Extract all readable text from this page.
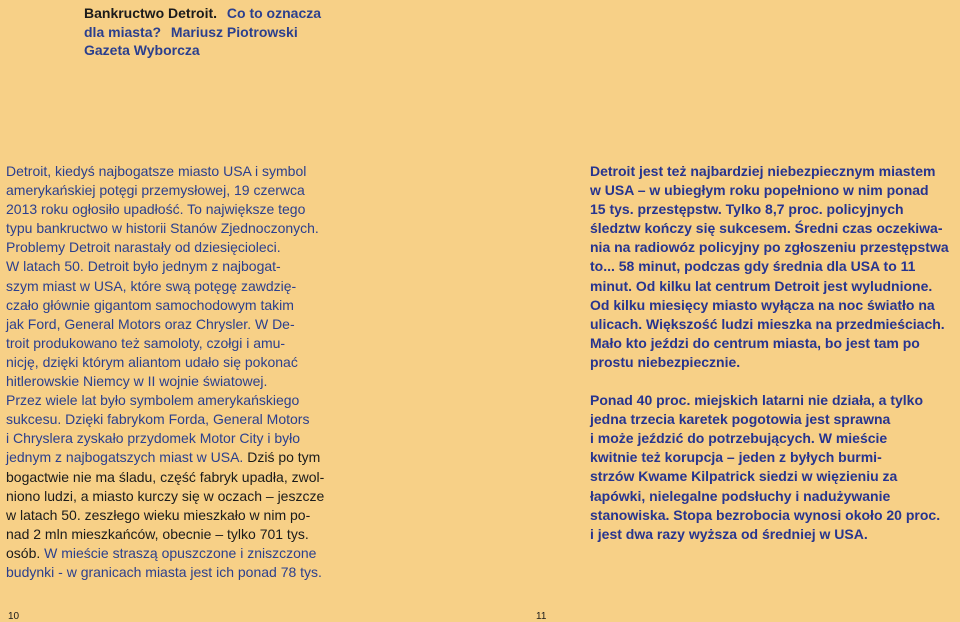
Bankructwo Detroit. Co to oznacza dla miasta? Mariusz Piotrowski Gazeta Wyborcza
Detroit, kiedyś najbogatsze miasto USA i symbol
amerykańskiej potęgi przemysłowej, 19 czerwca
2013 roku ogłosiło upadłość. To największe tego
typu bankructwo w historii Stanów Zjednoczonych.
Problemy Detroit narastały od dziesięcioleci.
W latach 50. Detroit było jednym z najbogat-
szym miast w USA, które swą potęgę zawdzię-
czało głównie gigantom samochodowym takim
jak Ford, General Motors oraz Chrysler. W De-
troit produkowano też samoloty, czołgi i amu-
nicję, dzięki którym aliantom udało się pokonać
hitlerowskie Niemcy w II wojnie światowej.
Przez wiele lat było symbolem amerykańskiego
sukcesu. Dzięki fabrykom Forda, General Motors
i Chryslera zyskało przydomek Motor City i było
jednym z najbogatszych miast w USA. Dziś po tym
bogactwie nie ma śladu, część fabryk upadła, zwol-
niono ludzi, a miasto kurczy się w oczach – jeszcze
w latach 50. zeszłego wieku mieszkało w nim po-
nad 2 mln mieszkańców, obecnie – tylko 701 tys.
osób. W mieście straszą opuszczone i zniszczone
budynki - w granicach miasta jest ich ponad 78 tys.
Detroit jest też najbardziej niebezpiecznym miastem
w USA – w ubiegłym roku popełniono w nim ponad
15 tys. przestępstw. Tylko 8,7 proc. policyjnych
śledztw kończy się sukcesem. Średni czas oczekiwa-
nia na radiowóz policyjny po zgłoszeniu przestępstwa
to... 58 minut, podczas gdy średnia dla USA to 11
minut. Od kilku lat centrum Detroit jest wyludnione.
Od kilku miesięcy miasto wyłącza na noc światło na
ulicach. Większość ludzi mieszka na przedmieściach.
Mało kto jeździ do centrum miasta, bo jest tam po
prostu niebezpiecznie.
Ponad 40 proc. miejskich latarni nie działa, a tylko
jedna trzecia karetek pogotowia jest sprawna
i może jeździć do potrzebujących. W mieście
kwitnie też korupcja – jeden z byłych burmi-
strzów Kwame Kilpatrick siedzi w więzieniu za
łapówki, nielegalne podsłuchy i nadużywanie
stanowiska. Stopa bezrobocia wynosi około 20 proc.
i jest dwa razy wyższa od średniej w USA.
10	11
